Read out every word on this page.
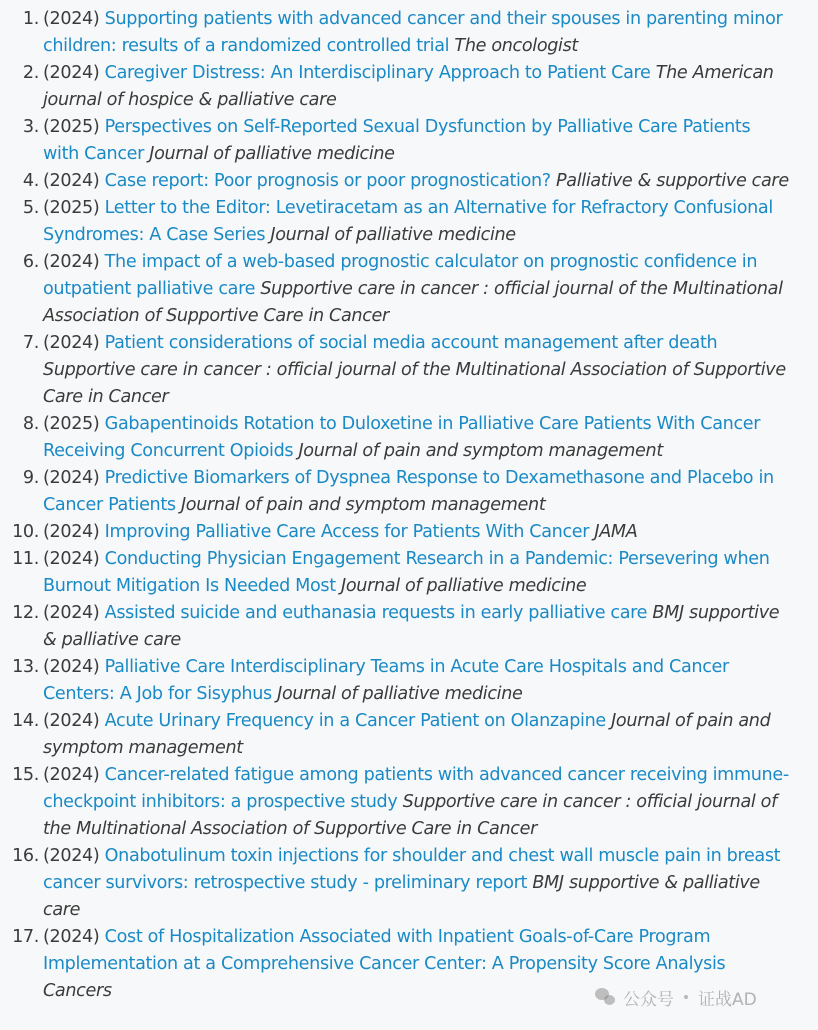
1. (2024) Supporting patients with advanced cancer and their spouses in parenting minor children: results of a randomized controlled trial The oncologist
2. (2024) Caregiver Distress: An Interdisciplinary Approach to Patient Care The American journal of hospice & palliative care
3. (2025) Perspectives on Self-Reported Sexual Dysfunction by Palliative Care Patients with Cancer Journal of palliative medicine
4. (2024) Case report: Poor prognosis or poor prognostication? Palliative & supportive care
5. (2025) Letter to the Editor: Levetiracetam as an Alternative for Refractory Confusional Syndromes: A Case Series Journal of palliative medicine
6. (2024) The impact of a web-based prognostic calculator on prognostic confidence in outpatient palliative care Supportive care in cancer : official journal of the Multinational Association of Supportive Care in Cancer
7. (2024) Patient considerations of social media account management after death Supportive care in cancer : official journal of the Multinational Association of Supportive Care in Cancer
8. (2025) Gabapentinoids Rotation to Duloxetine in Palliative Care Patients With Cancer Receiving Concurrent Opioids Journal of pain and symptom management
9. (2024) Predictive Biomarkers of Dyspnea Response to Dexamethasone and Placebo in Cancer Patients Journal of pain and symptom management
10. (2024) Improving Palliative Care Access for Patients With Cancer JAMA
11. (2024) Conducting Physician Engagement Research in a Pandemic: Persevering when Burnout Mitigation Is Needed Most Journal of palliative medicine
12. (2024) Assisted suicide and euthanasia requests in early palliative care BMJ supportive & palliative care
13. (2024) Palliative Care Interdisciplinary Teams in Acute Care Hospitals and Cancer Centers: A Job for Sisyphus Journal of palliative medicine
14. (2024) Acute Urinary Frequency in a Cancer Patient on Olanzapine Journal of pain and symptom management
15. (2024) Cancer-related fatigue among patients with advanced cancer receiving immune-checkpoint inhibitors: a prospective study Supportive care in cancer : official journal of the Multinational Association of Supportive Care in Cancer
16. (2024) Onabotulinum toxin injections for shoulder and chest wall muscle pain in breast cancer survivors: retrospective study - preliminary report BMJ supportive & palliative care
17. (2024) Cost of Hospitalization Associated with Inpatient Goals-of-Care Program Implementation at a Comprehensive Cancer Center: A Propensity Score Analysis Cancers	公众号 证战AD
